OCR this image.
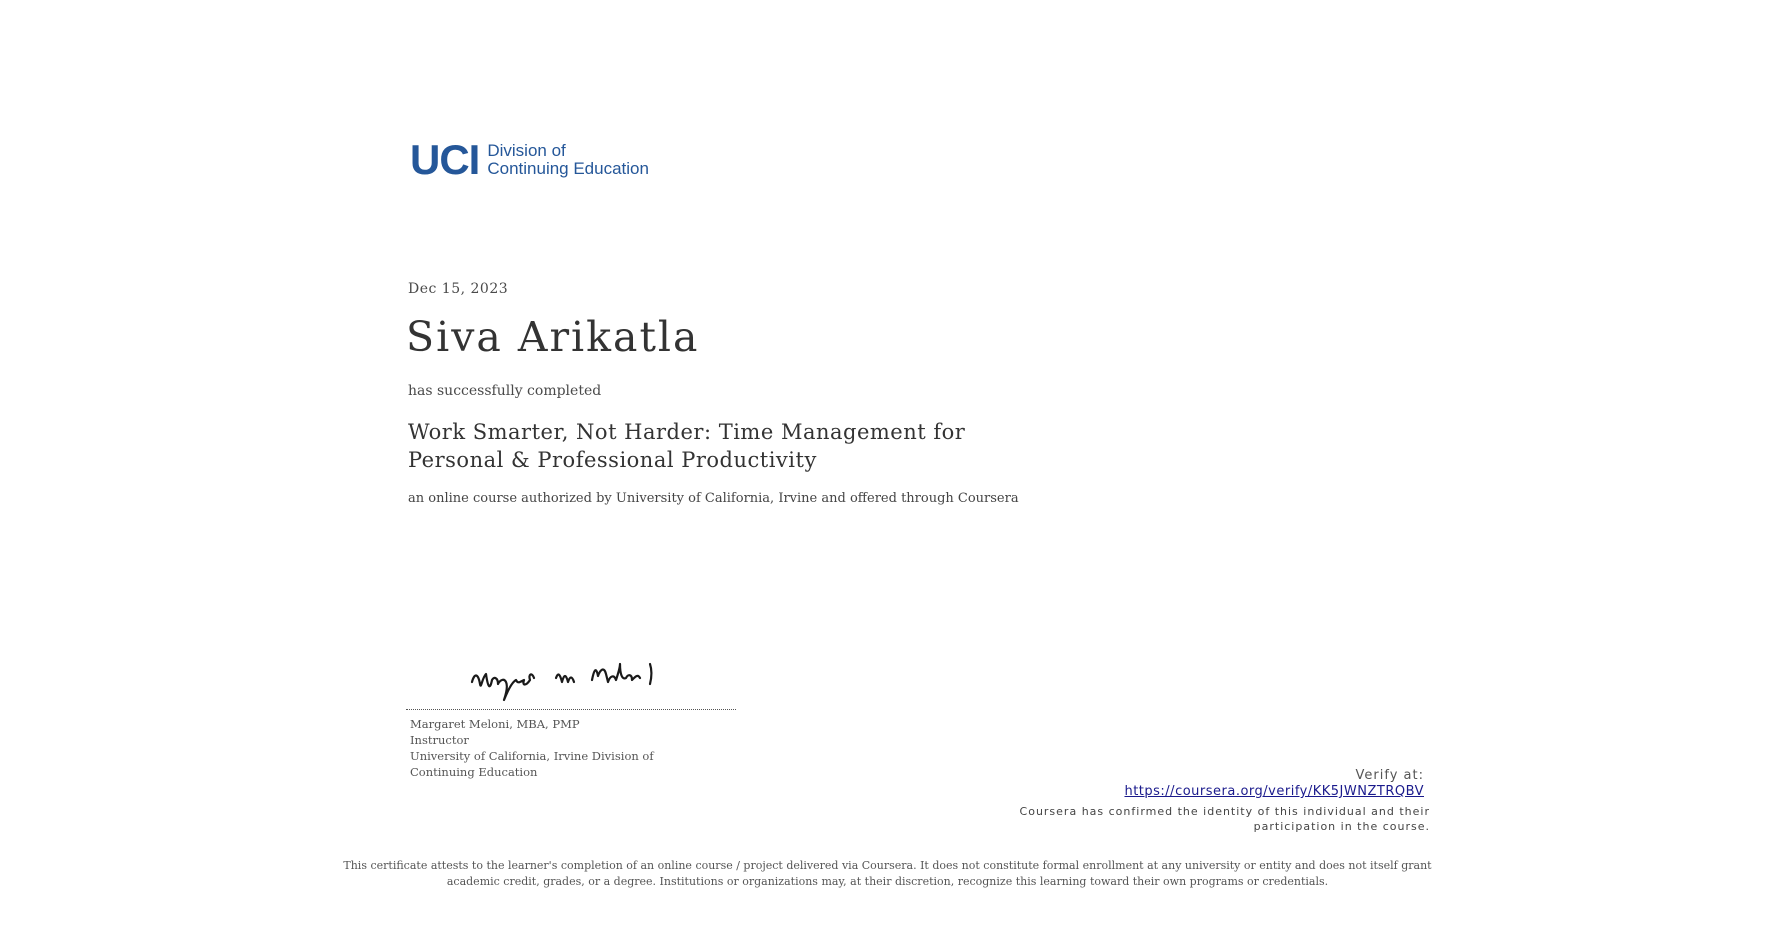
UCI Division of
Continuing Education
Dec 15, 2023
Siva Arikatla
has successfully completed
Work Smarter, Not Harder: Time Management for Personal & Professional Productivity
an online course authorized by University of California, Irvine and offered through Coursera
Margaret Meloni, MBA, PMP
Instructor
University of California, Irvine Division of Continuing Education	Verify at:
https://coursera.org/verify/KK5JWNZTRQBV
Coursera has confirmed the identity of this individual and their participation in the course.
This certificate attests to the learner's completion of an online course / project delivered via Coursera. It does not constitute formal enrollment at any university or entity and does not itself grant academic credit, grades, or a degree. Institutions or organizations may, at their discretion, recognize this learning toward their own programs or credentials.
